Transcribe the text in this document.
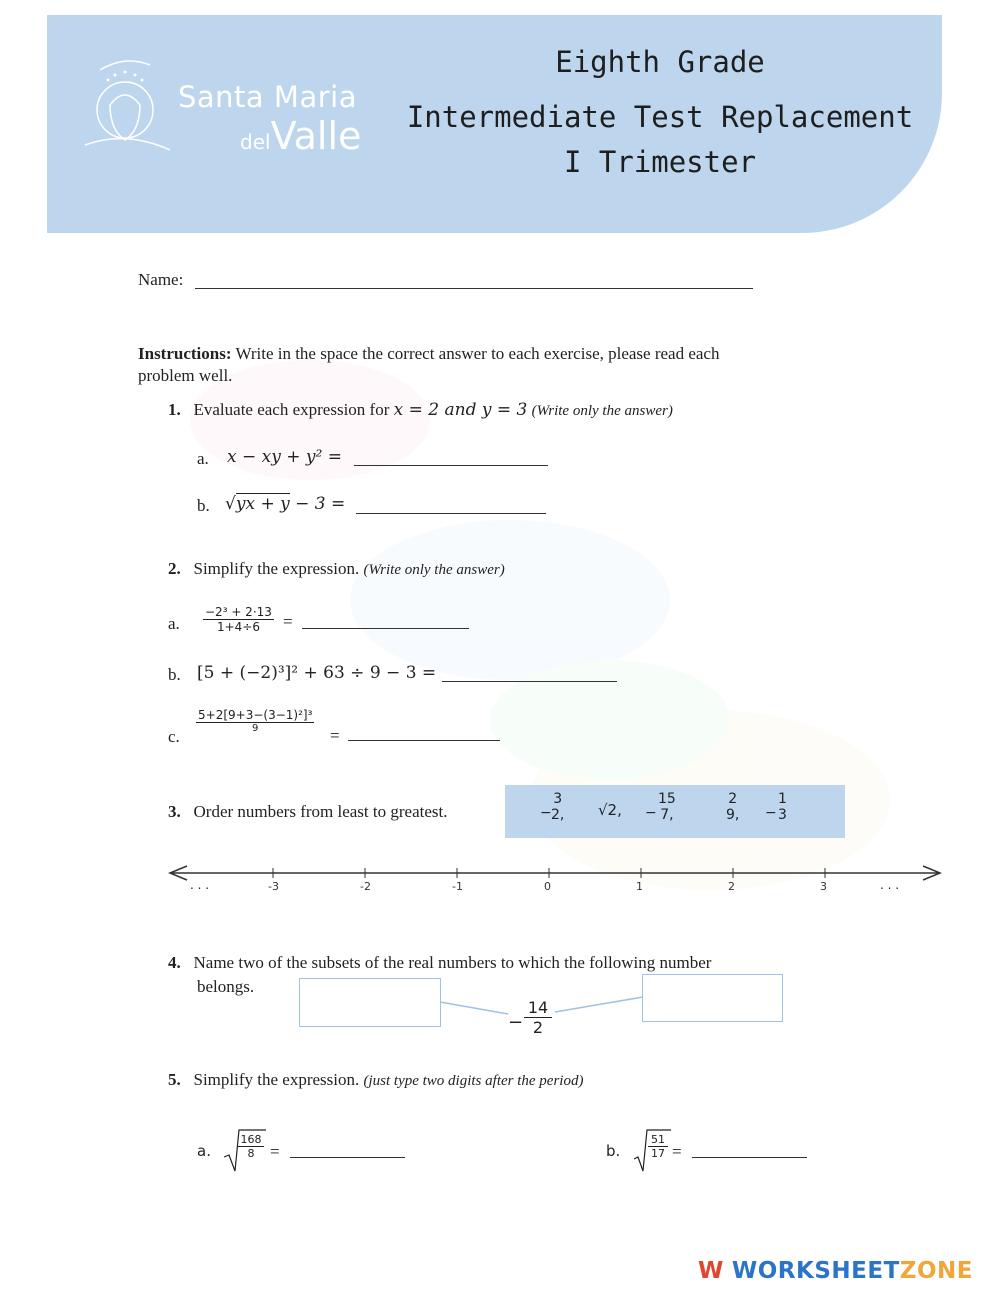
Santa Maria
delValle
Eighth Grade
Intermediate Test Replacement
I Trimester
Name:
Instructions: Write in the space the correct answer to each exercise, please read each
problem well.
1. Evaluate each expression for x = 2 and y = 3 (Write only the answer)
a. x − xy + y² =
b. √yx + y − 3 =
2. Simplify the expression. (Write only the answer)
a. $\frac{\text{−2³ + 2·13}}{1+4\div 6}$ =
b. [5 + (−2)³]² + 63 ÷ 9 − 3 =
c.
5+2[9+3−(3−1)²]³
9	=
3. Order numbers from least to greatest.	−
3
2, √2, −
15
7,
2
9, −
1
3
-3	-2	-1	0	1	2	3
. . .	. . .
4. Name two of the subsets of the real numbers to which the following number
belongs.
− $\frac{14}{2}$
5. Simplify the expression. (just type two digits after the period)
a. $\frac{168}{8}$ =	b.	$\frac{51}{17}$ =
W WORKSHEETZONE
